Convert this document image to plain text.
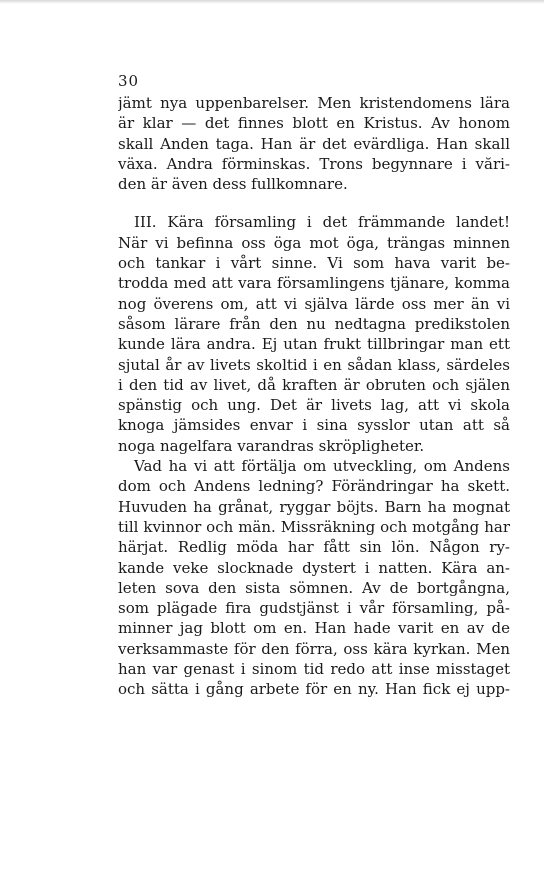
30
jämt nya uppenbarelser. Men kristendomens lära
är klar — det finnes blott en Kristus. Av honom
skall Anden taga. Han är det evärdliga. Han skall
växa. Andra förminskas. Trons begynnare i vări-
den är även dess fullkomnare.
III. Kära församling i det främmande landet!
När vi befinna oss öga mot öga, trängas minnen
och tankar i vårt sinne. Vi som hava varit be-
trodda med att vara församlingens tjänare, komma
nog överens om, att vi själva lärde oss mer än vi
såsom lärare från den nu nedtagna predikstolen
kunde lära andra. Ej utan frukt tillbringar man ett
sjutal år av livets skoltid i en sådan klass, särdeles
i den tid av livet, då kraften är obruten och själen
spänstig och ung. Det är livets lag, att vi skola
knoga jämsides envar i sina sysslor utan att så
noga nagelfara varandras skröpligheter.
Vad ha vi att förtälja om utveckling, om Andens
dom och Andens ledning? Förändringar ha skett.
Huvuden ha grånat, ryggar böjts. Barn ha mognat
till kvinnor och män. Missräkning och motgång har
härjat. Redlig möda har fått sin lön. Någon ry-
kande veke slocknade dystert i natten. Kära an-
leten sova den sista sömnen. Av de bortgångna,
som plägade fira gudstjänst i vår församling, på-
minner jag blott om en. Han hade varit en av de
verksammaste för den förra, oss kära kyrkan. Men
han var genast i sinom tid redo att inse misstaget
och sätta i gång arbete för en ny. Han fick ej upp-
